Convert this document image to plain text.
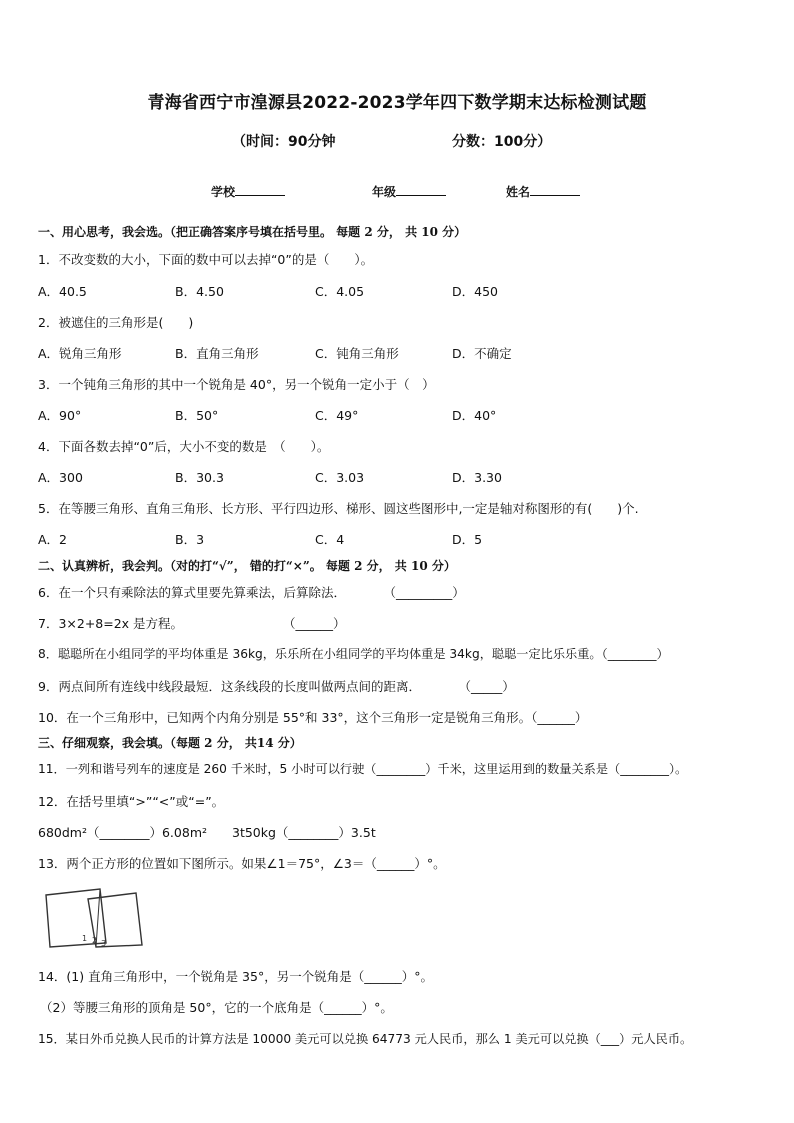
青海省西宁市湟源县2022-2023学年四下数学期末达标检测试题
（时间：90分钟	分数：100分）
学校	年级	姓名
一、用心思考，我会选。（把正确答案序号填在括号里。 每题 2 分， 共 10 分）
1．不改变数的大小，下面的数中可以去掉“0”的是（　　）。
A．40.5	B．4.50	C．4.05	D．450
2．被遮住的三角形是(　　)
A．锐角三角形	B．直角三角形	C．钝角三角形	D．不确定
3．一个钝角三角形的其中一个锐角是 40°，另一个锐角一定小于（　）
A．90°	B．50°	C．49°	D．40°
4．下面各数去掉“0”后，大小不变的数是　（　　）。
A．300	B．30.3	C．3.03	D．3.30
5．在等腰三角形、直角三角形、长方形、平行四边形、梯形、圆这些图形中,一定是轴对称图形的有(　　)个.
A．2	B．3	C．4	D．5
二、认真辨析，我会判。（对的打“√”， 错的打“×”。 每题 2 分， 共 10 分）
6．在一个只有乘除法的算式里要先算乘法，后算除法．　　　　（_________）
7．3×2+8=2x 是方程。　　　　　　　　　（______）
8．聪聪所在小组同学的平均体重是 36kg，乐乐所在小组同学的平均体重是 34kg，聪聪一定比乐乐重。（________）
9．两点间所有连线中线段最短．这条线段的长度叫做两点间的距离．　　　　（_____）
10．在一个三角形中，已知两个内角分别是 55°和 33°，这个三角形一定是锐角三角形。（______）
三、仔细观察，我会填。（每题 2 分， 共14 分）
11．一列和谐号列车的速度是 260 千米时，5 小时可以行驶（________）千米，这里运用到的数量关系是（________）。
12．在括号里填“>”“<”或“=”。
680dm²（________）6.08m²　　3t50kg（________）3.5t
13．两个正方形的位置如下图所示。如果∠1＝75°，∠3＝（______）°。
1 2 3
14．(1) 直角三角形中，一个锐角是 35°，另一个锐角是（______）°。
（2）等腰三角形的顶角是 50°，它的一个底角是（______）°。
15．某日外币兑换人民币的计算方法是 10000 美元可以兑换 64773 元人民币，那么 1 美元可以兑换（___）元人民币。
